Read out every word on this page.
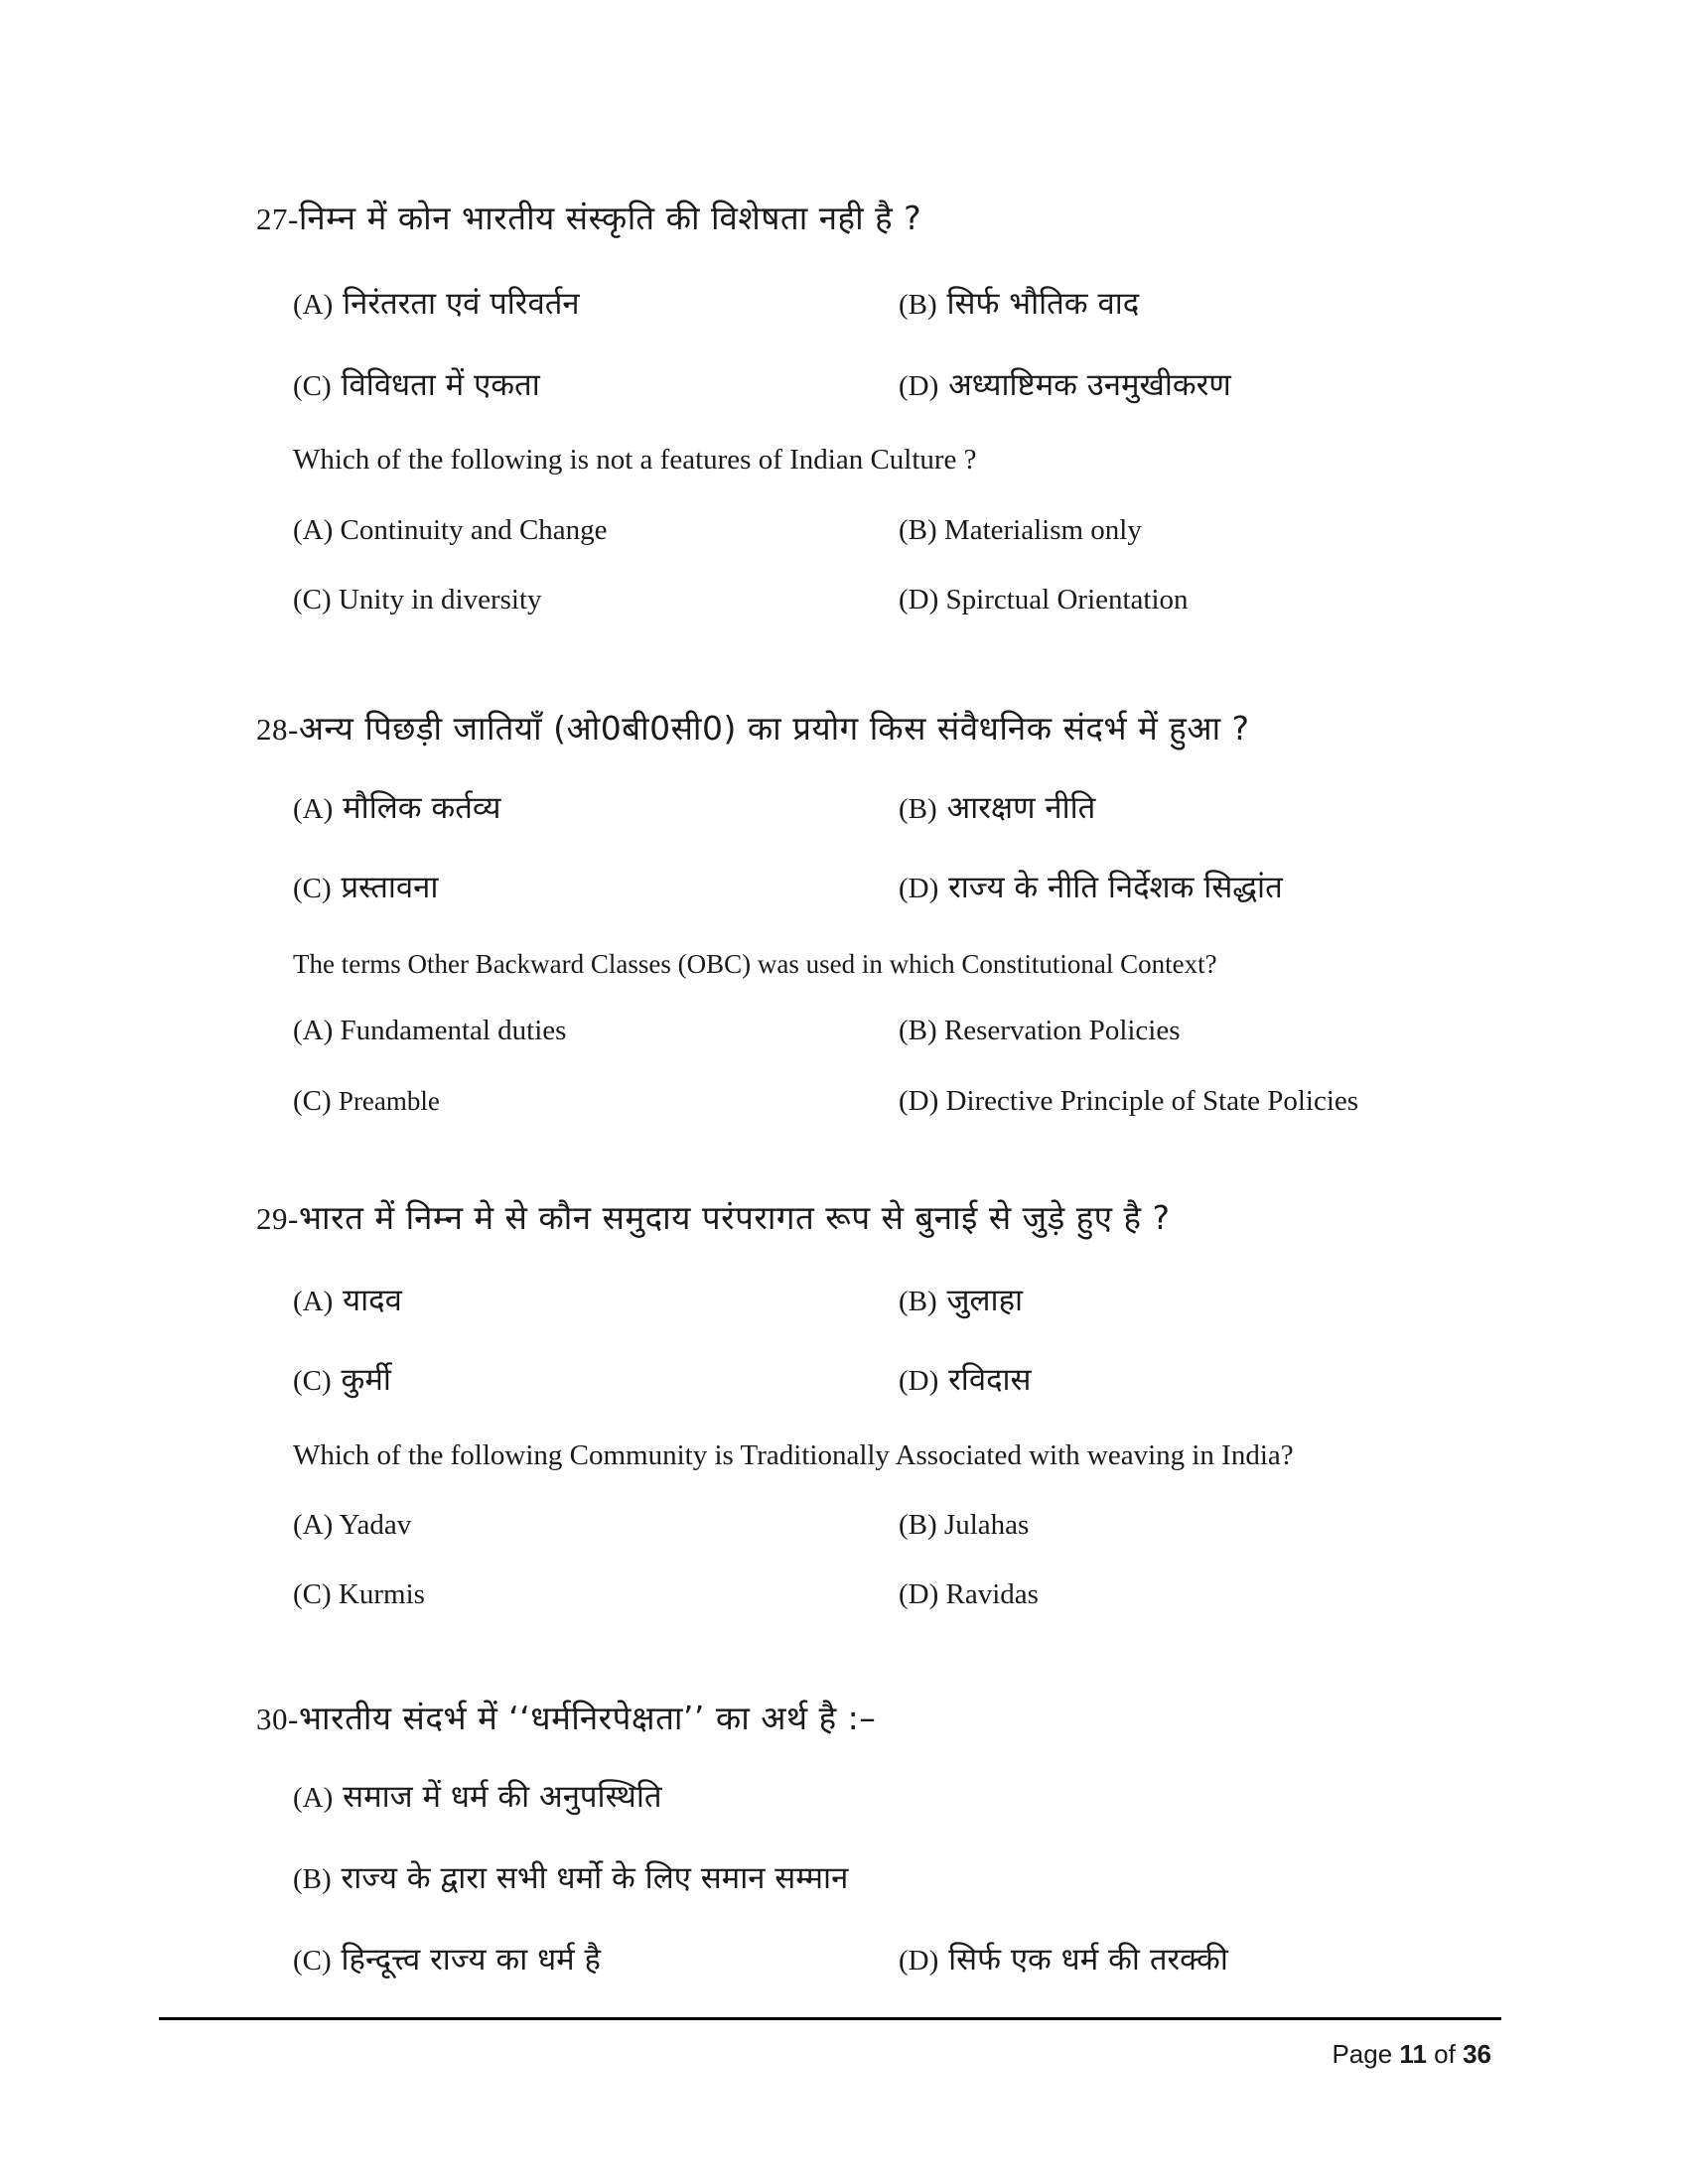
27-निम्न में कोन भारतीय संस्कृति की विशेषता नही है ?
(A) निरंतरता एवं परिवर्तन	(B) सिर्फ भौतिक वाद
(C) विविधता में एकता	(D) अध्याष्टिमक उनमुखीकरण
Which of the following is not a features of Indian Culture ?
(A) Continuity and Change	(B) Materialism only
(C) Unity in diversity	(D) Spirctual Orientation
28-अन्य पिछड़ी जातियाँ (ओ0बी0सी0) का प्रयोग किस संवैधनिक संदर्भ में हुआ ?
(A) मौलिक कर्तव्य	(B) आरक्षण नीति
(C) प्रस्तावना	(D) राज्य के नीति निर्देशक सिद्धांत
The terms Other Backward Classes (OBC) was used in which Constitutional Context?
(A) Fundamental duties	(B) Reservation Policies
(C) Preamble	(D) Directive Principle of State Policies
29-भारत में निम्न मे से कौन समुदाय परंपरागत रूप से बुनाई से जुड़े हुए है ?
(A) यादव	(B) जुलाहा
(C) कुर्मी	(D) रविदास
Which of the following Community is Traditionally Associated with weaving in India?
(A) Yadav	(B) Julahas
(C) Kurmis	(D) Ravidas
30-भारतीय संदर्भ में ‘‘धर्मनिरपेक्षता’’ का अर्थ है :–
(A) समाज में धर्म की अनुपस्थिति
(B) राज्य के द्वारा सभी धर्मो के लिए समान सम्मान
(C) हिन्दूत्त्व राज्य का धर्म है	(D) सिर्फ एक धर्म की तरक्की
Page 11 of 36
